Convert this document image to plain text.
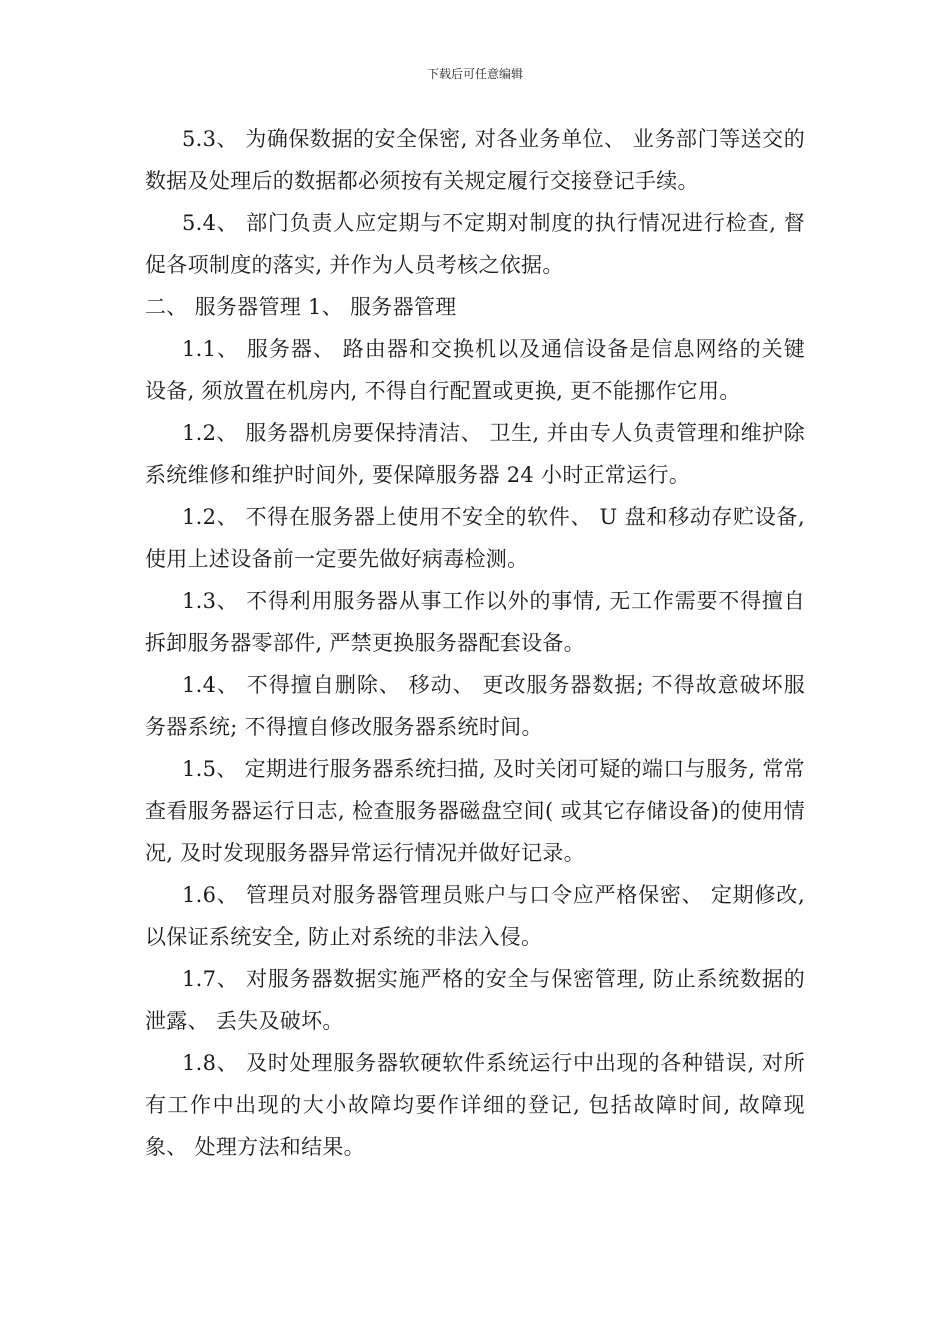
下载后可任意编辑

5.3、 为确保数据的安全保密, 对各业务单位、 业务部门等送交的数据及处理后的数据都必须按有关规定履行交接登记手续。

5.4、 部门负责人应定期与不定期对制度的执行情况进行检查, 督促各项制度的落实, 并作为人员考核之依据。

二、 服务器管理 1、 服务器管理

1.1、 服务器、 路由器和交换机以及通信设备是信息网络的关键设备, 须放置在机房内, 不得自行配置或更换, 更不能挪作它用。

1.2、 服务器机房要保持清洁、 卫生, 并由专人负责管理和维护除系统维修和维护时间外, 要保障服务器 24 小时正常运行。

1.2、 不得在服务器上使用不安全的软件、 U 盘和移动存贮设备, 使用上述设备前一定要先做好病毒检测。

1.3、 不得利用服务器从事工作以外的事情, 无工作需要不得擅自拆卸服务器零部件, 严禁更换服务器配套设备。

1.4、 不得擅自删除、 移动、 更改服务器数据; 不得故意破坏服务器系统; 不得擅自修改服务器系统时间。

1.5、 定期进行服务器系统扫描, 及时关闭可疑的端口与服务, 常常查看服务器运行日志, 检查服务器磁盘空间( 或其它存储设备)的使用情况, 及时发现服务器异常运行情况并做好记录。

1.6、 管理员对服务器管理员账户与口令应严格保密、 定期修改, 以保证系统安全, 防止对系统的非法入侵。

1.7、 对服务器数据实施严格的安全与保密管理, 防止系统数据的泄露、 丢失及破坏。

1.8、 及时处理服务器软硬软件系统运行中出现的各种错误, 对所有工作中出现的大小故障均要作详细的登记, 包括故障时间, 故障现象、 处理方法和结果。
